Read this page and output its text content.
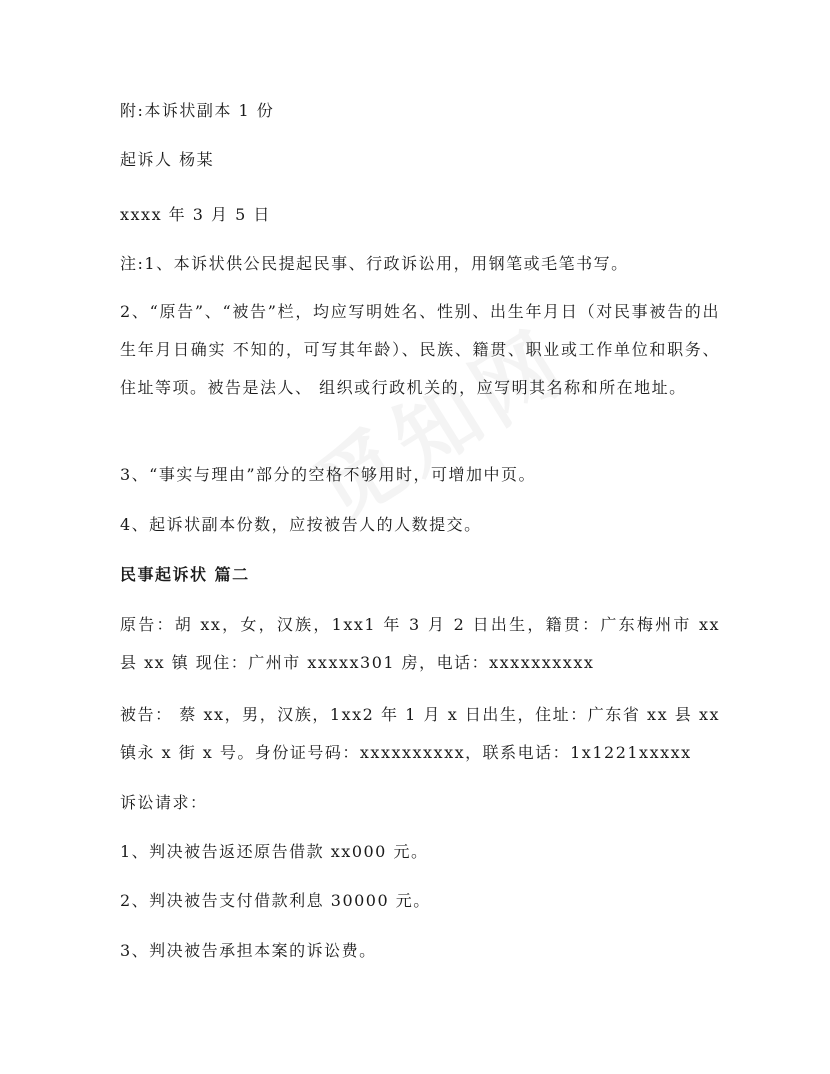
附:本诉状副本 1 份
起诉人 杨某
xxxx 年 3 月 5 日
注:1、本诉状供公民提起民事、行政诉讼用，用钢笔或毛笔书写。
2、“原告”、“被告”栏，均应写明姓名、性别、出生年月日（对民事被告的出生年月日确实 不知的，可写其年龄）、民族、籍贯、职业或工作单位和职务、住址等项。被告是法人、 组织或行政机关的，应写明其名称和所在地址。
3、“事实与理由”部分的空格不够用时，可增加中页。
4、起诉状副本份数，应按被告人的人数提交。
民事起诉状 篇二
原告：胡 xx，女，汉族，1xx1 年 3 月 2 日出生，籍贯：广东梅州市 xx 县 xx 镇 现住：广州市 xxxxx301 房，电话：xxxxxxxxxx
被告： 蔡 xx，男，汉族，1xx2 年 1 月 x 日出生，住址：广东省 xx 县 xx 镇永 x 街 x 号。身份证号码：xxxxxxxxxx，联系电话：1x1221xxxxx
诉讼请求：
1、判决被告返还原告借款 xx000 元。
2、判决被告支付借款利息 30000 元。
3、判决被告承担本案的诉讼费。
